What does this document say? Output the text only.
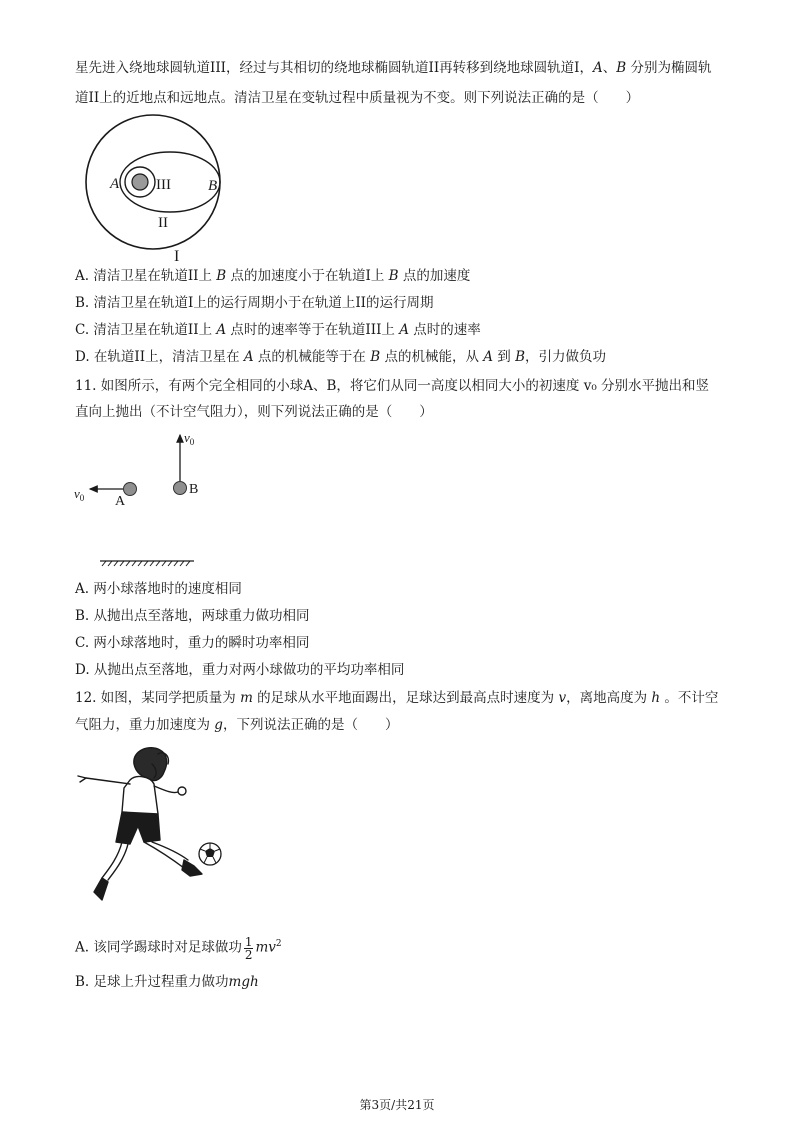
星先进入绕地球圆轨道III，经过与其相切的绕地球椭圆轨道II再转移到绕地球圆轨道I，A、B 分别为椭圆轨
道II上的近地点和远地点。清洁卫星在变轨过程中质量视为不变。则下列说法正确的是（　　）
A	B
III
II
I
A. 清洁卫星在轨道II上 B 点的加速度小于在轨道I上 B 点的加速度
B. 清洁卫星在轨道I上的运行周期小于在轨道上II的运行周期
C. 清洁卫星在轨道II上 A 点时的速率等于在轨道III上 A 点时的速率
D. 在轨道II上，清洁卫星在 A 点的机械能等于在 B 点的机械能，从 A 到 B，引力做负功
11. 如图所示，有两个完全相同的小球A、B，将它们从同一高度以相同大小的初速度 v₀ 分别水平抛出和竖
直向上抛出（不计空气阻力），则下列说法正确的是（　　）
$v_0$
B
$v_0$ A
A. 两小球落地时的速度相同
B. 从抛出点至落地，两球重力做功相同
C. 两小球落地时，重力的瞬时功率相同
D. 从抛出点至落地，重力对两小球做功的平均功率相同
12. 如图，某同学把质量为 m 的足球从水平地面踢出，足球达到最高点时速度为 v，离地高度为 h 。不计空
气阻力，重力加速度为 g，下列说法正确的是（　　）
A. 该同学踢球时对足球做功 $\frac{1}{2} mv^2$
B. 足球上升过程重力做功mgh
第3页/共21页
